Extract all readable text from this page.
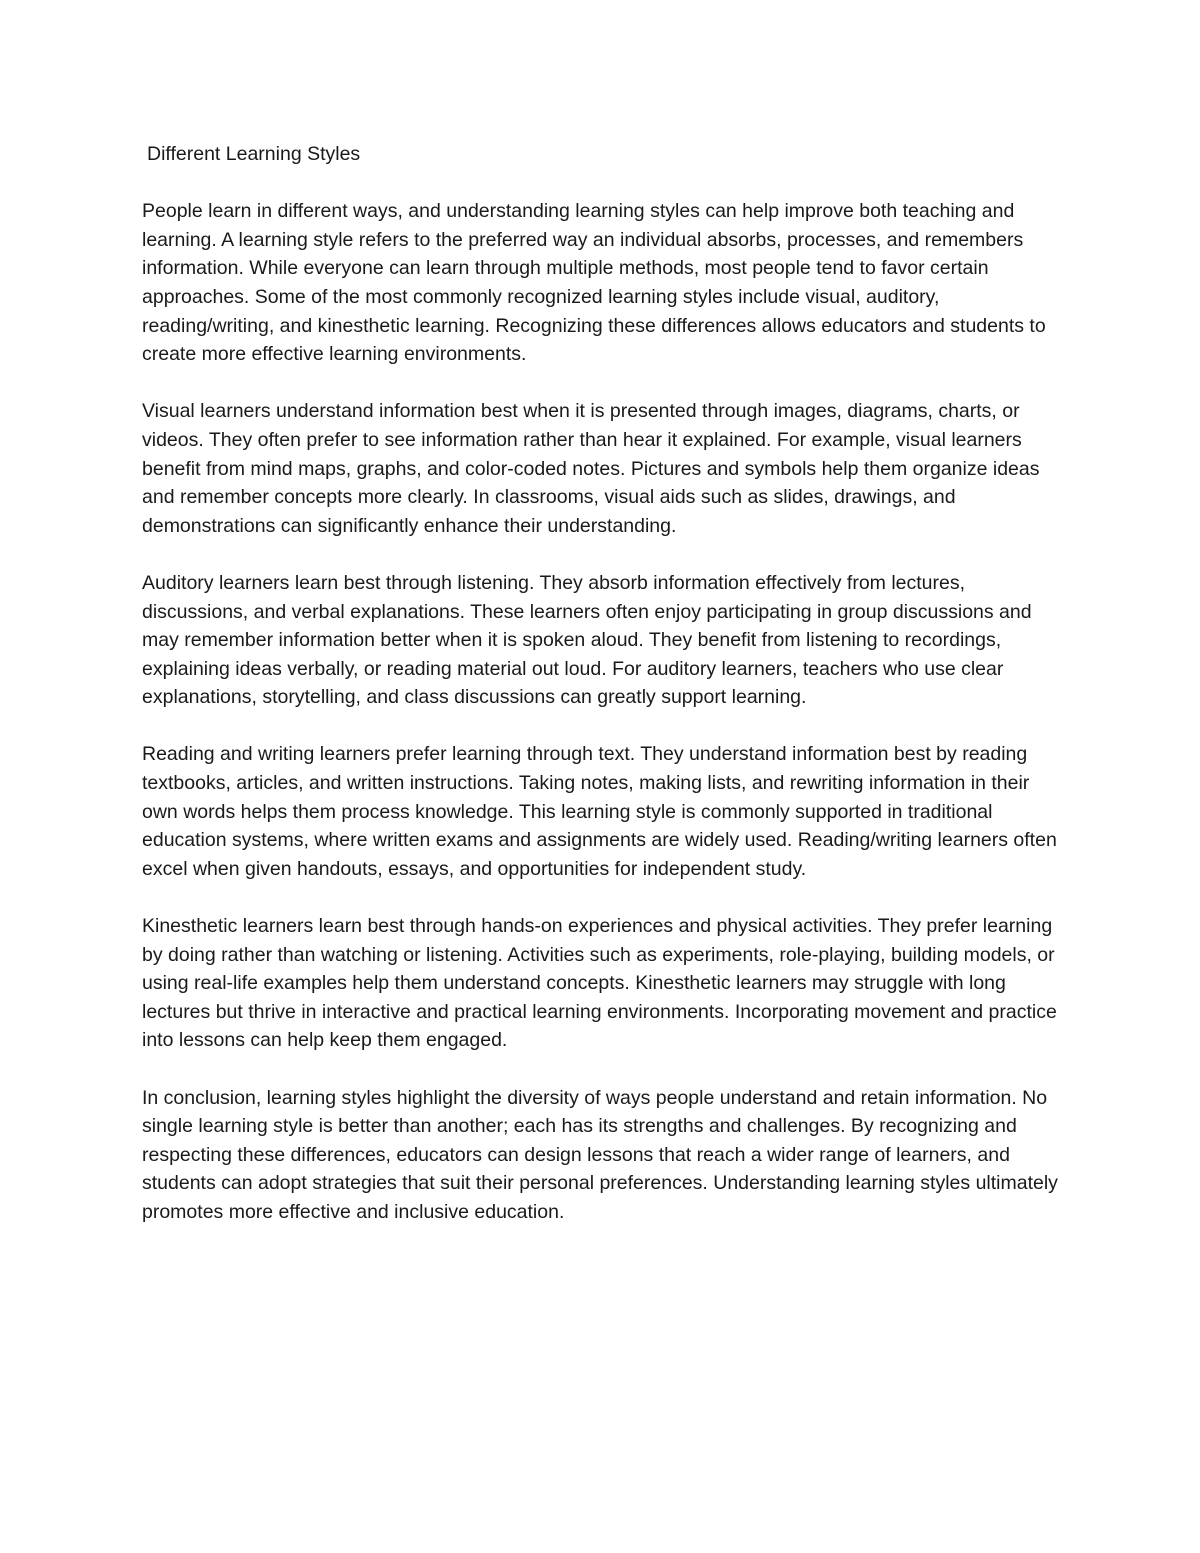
Different Learning Styles

People learn in different ways, and understanding learning styles can help improve both teaching and learning. A learning style refers to the preferred way an individual absorbs, processes, and remembers information. While everyone can learn through multiple methods, most people tend to favor certain approaches. Some of the most commonly recognized learning styles include visual, auditory, reading/writing, and kinesthetic learning. Recognizing these differences allows educators and students to create more effective learning environments.

Visual learners understand information best when it is presented through images, diagrams, charts, or videos. They often prefer to see information rather than hear it explained. For example, visual learners benefit from mind maps, graphs, and color-coded notes. Pictures and symbols help them organize ideas and remember concepts more clearly. In classrooms, visual aids such as slides, drawings, and demonstrations can significantly enhance their understanding.

Auditory learners learn best through listening. They absorb information effectively from lectures, discussions, and verbal explanations. These learners often enjoy participating in group discussions and may remember information better when it is spoken aloud. They benefit from listening to recordings, explaining ideas verbally, or reading material out loud. For auditory learners, teachers who use clear explanations, storytelling, and class discussions can greatly support learning.

Reading and writing learners prefer learning through text. They understand information best by reading textbooks, articles, and written instructions. Taking notes, making lists, and rewriting information in their own words helps them process knowledge. This learning style is commonly supported in traditional education systems, where written exams and assignments are widely used. Reading/writing learners often excel when given handouts, essays, and opportunities for independent study.

Kinesthetic learners learn best through hands-on experiences and physical activities. They prefer learning by doing rather than watching or listening. Activities such as experiments, role-playing, building models, or using real-life examples help them understand concepts. Kinesthetic learners may struggle with long lectures but thrive in interactive and practical learning environments. Incorporating movement and practice into lessons can help keep them engaged.

In conclusion, learning styles highlight the diversity of ways people understand and retain information. No single learning style is better than another; each has its strengths and challenges. By recognizing and respecting these differences, educators can design lessons that reach a wider range of learners, and students can adopt strategies that suit their personal preferences. Understanding learning styles ultimately promotes more effective and inclusive education.
